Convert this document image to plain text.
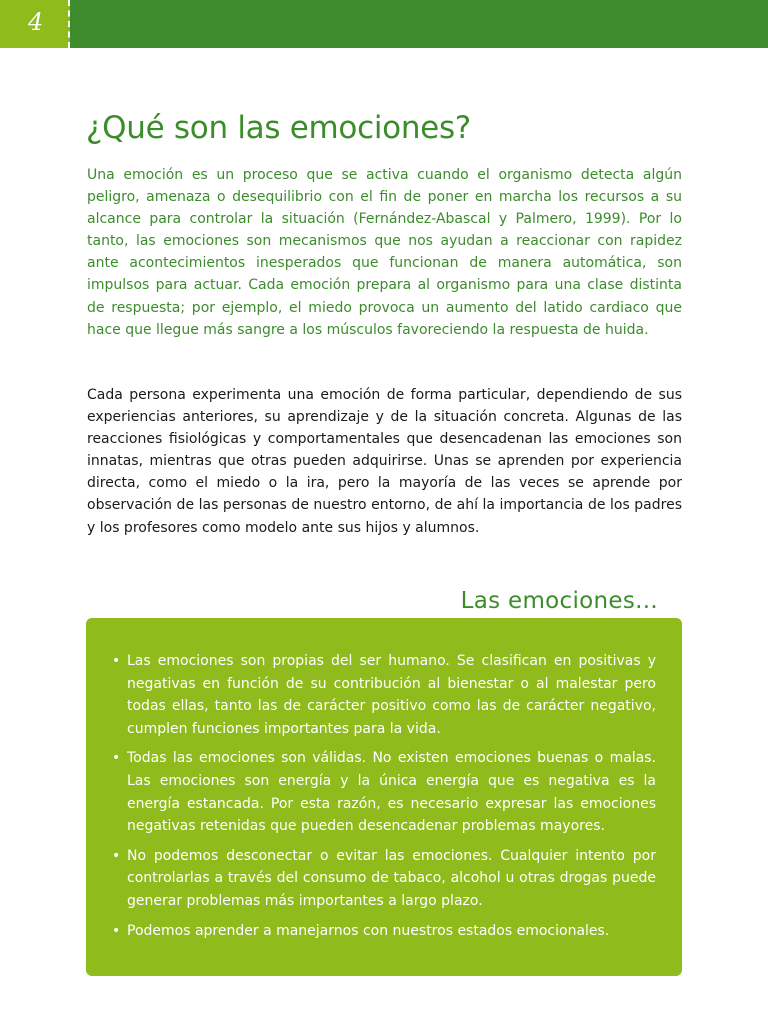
4
¿Qué son las emociones?

Una emoción es un proceso que se activa cuando el organismo detecta algún peligro, amenaza o desequilibrio con el fin de poner en marcha los recursos a su alcance para controlar la situación (Fernández-Abascal y Palmero, 1999). Por lo tanto, las emociones son mecanismos que nos ayudan a reaccionar con rapidez ante acontecimientos inesperados que funcionan de manera automática, son impulsos para actuar. Cada emoción prepara al organismo para una clase distinta de respuesta; por ejemplo, el miedo provoca un aumento del latido cardiaco que hace que llegue más sangre a los músculos favoreciendo la respuesta de huida.

Cada persona experimenta una emoción de forma particular, dependiendo de sus experiencias anteriores, su aprendizaje y de la situación concreta. Algunas de las reacciones fisiológicas y comportamentales que desencadenan las emociones son innatas, mientras que otras pueden adquirirse. Unas se aprenden por experiencia directa, como el miedo o la ira, pero la mayoría de las veces se aprende por observación de las personas de nuestro entorno, de ahí la importancia de los padres y los profesores como modelo ante sus hijos y alumnos.

Las emociones...
• Las emociones son propias del ser humano. Se clasifican en positivas y negativas en función de su contribución al bienestar o al malestar pero todas ellas, tanto las de carácter positivo como las de carácter negativo, cumplen funciones importantes para la vida.
• Todas las emociones son válidas. No existen emociones buenas o malas. Las emociones son energía y la única energía que es negativa es la energía estancada. Por esta razón, es necesario expresar las emociones negativas retenidas que pueden desencadenar problemas mayores.
• No podemos desconectar o evitar las emociones. Cualquier intento por controlarlas a través del consumo de tabaco, alcohol u otras drogas puede generar problemas más importantes a largo plazo.
• Podemos aprender a manejarnos con nuestros estados emocionales.
